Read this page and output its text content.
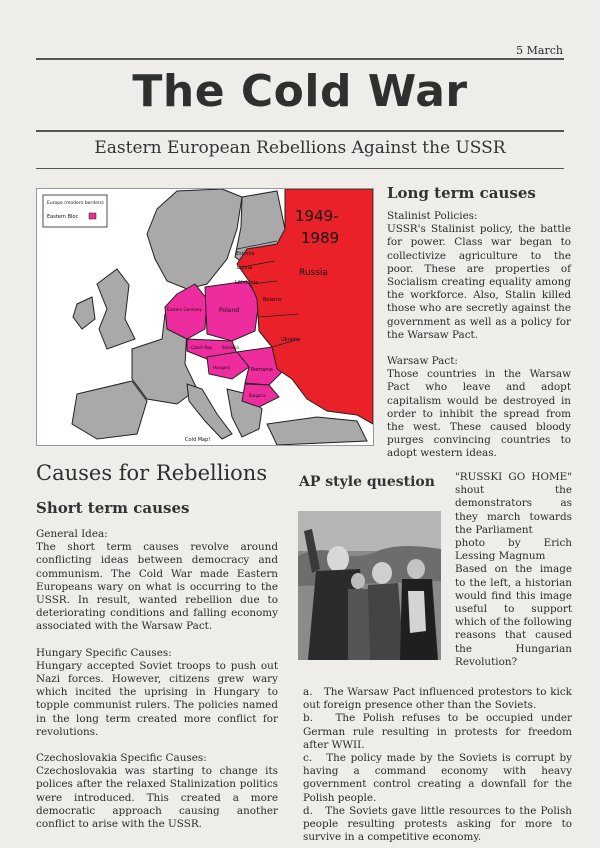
5 March
The Cold War
Eastern European Rebellions Against the USSR
1949-
1989
Russia
Estonia
Latvia
Lithuania
Belarus
Ukraine
Poland
Eastern Germany
Czech Rep. Slovakia
Hungary	Romania
Bulgaria
Cold Map!
Europe (modern borders)
Eastern Bloc
Long term causes
Stalinist Policies:

USSR's Stalinist policy, the battle for power. Class war began to collectivize agriculture to the poor. These are properties of Socialism creating equality among the workforce. Also, Stalin killed those who are secretly against the government as well as a policy for the Warsaw Pact.

Warsaw Pact:

Those countries in the Warsaw Pact who leave and adopt capitalism would be destroyed in order to inhibit the spread from the west. These caused bloody purges convincing countries to adopt western ideas.

Causes for Rebellions
Short term causes
General Idea:

The short term causes revolve around conflicting ideas between democracy and communism. The Cold War made Eastern Europeans wary on what is occurring to the USSR. In result, wanted rebellion due to deteriorating conditions and falling economy associated with the Warsaw Pact.

Hungary Specific Causes:

Hungary accepted Soviet troops to push out Nazi forces. However, citizens grew wary which incited the uprising in Hungary to topple communist rulers. The policies named in the long term created more conflict for revolutions.

Czechoslovakia Specific Causes:

Czechoslovakia was starting to change its polices after the relaxed Stalinization politics were introduced. This created a more democratic approach causing another conflict to arise with the USSR.

AP style question "RUSSKI GO HOME" shout the demonstrators as they march towards the Parliament
photo by Erich Lessing Magnum
Based on the image to the left, a historian would find this image useful to support which of the following reasons that caused the Hungarian Revolution?
a. The Warsaw Pact influenced protestors to kick out foreign presence other than the Soviets.
b. The Polish refuses to be occupied under German rule resulting in protests for freedom after WWII.
c. The policy made by the Soviets is corrupt by having a command economy with heavy government control creating a downfall for the Polish people.
d. The Soviets gave little resources to the Polish people resulting protests asking for more to survive in a competitive economy.
